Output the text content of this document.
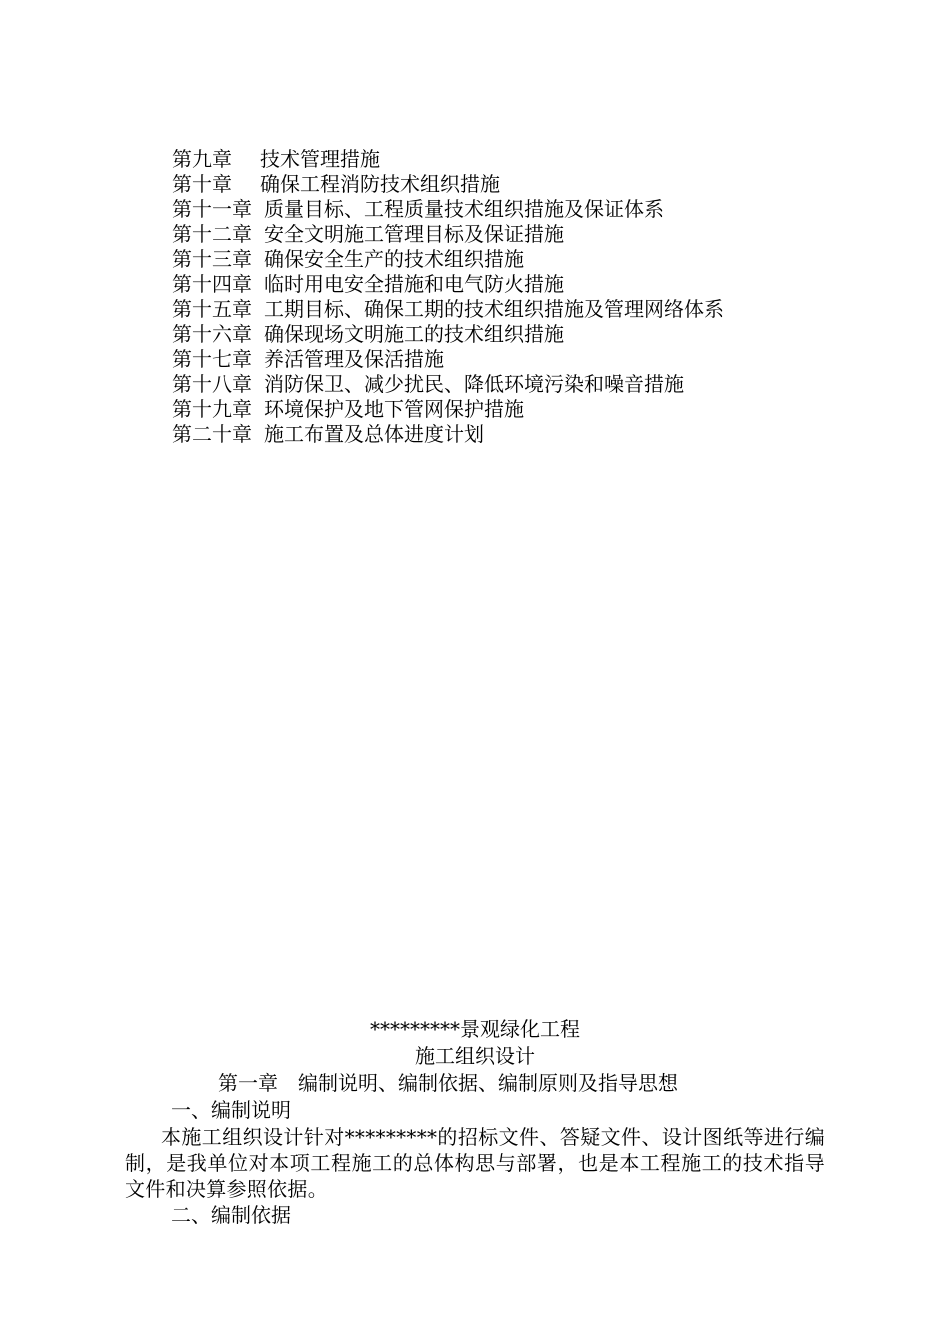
第九章 技术管理措施
第十章 确保工程消防技术组织措施
第十一章 质量目标、工程质量技术组织措施及保证体系
第十二章 安全文明施工管理目标及保证措施
第十三章 确保安全生产的技术组织措施
第十四章 临时用电安全措施和电气防火措施
第十五章 工期目标、确保工期的技术组织措施及管理网络体系
第十六章 确保现场文明施工的技术组织措施
第十七章 养活管理及保活措施
第十八章 消防保卫、减少扰民、降低环境污染和噪音措施
第十九章 环境保护及地下管网保护措施
第二十章 施工布置及总体进度计划
*********景观绿化工程
施工组织设计
第一章　编制说明、编制依据、编制原则及指导思想
一、编制说明
本施工组织设计针对*********的招标文件、答疑文件、设计图纸等进行编制，是我单位对本项工程施工的总体构思与部署，也是本工程施工的技术指导文件和决算参照依据。
二、编制依据
